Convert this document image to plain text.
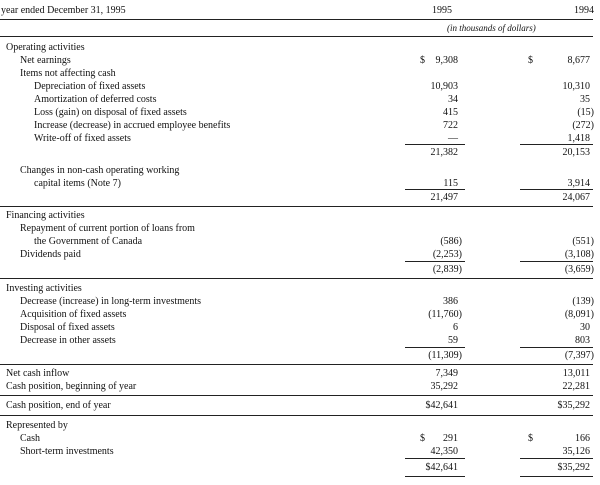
year ended December 31, 1995	1995	1994
(in thousands of dollars)
Operating activities
Net earnings	$ 9,308	$	8,677
Items not affecting cash
Depreciation of fixed assets	10,903	10,310
Amortization of deferred costs	34	35
Loss (gain) on disposal of fixed assets	415	(15)
Increase (decrease) in accrued employee benefits	722	(272)
Write-off of fixed assets	—	1,418
21,382	20,153
Changes in non-cash operating working
capital items (Note 7)	115	3,914
21,497	24,067
Financing activities
Repayment of current portion of loans from
the Government of Canada	(586)	(551)
Dividends paid	(2,253)	(3,108)
(2,839)	(3,659)
Investing activities
Decrease (increase) in long-term investments	386	(139)
Acquisition of fixed assets	(11,760)	(8,091)
Disposal of fixed assets	6	30
Decrease in other assets	59	803
(11,309)	(7,397)
Net cash inflow	7,349	13,011
Cash position, beginning of year	35,292	22,281
Cash position, end of year	$42,641	$35,292
Represented by
Cash	$ 291	$	166
Short-term investments	42,350	35,126
$42,641	$35,292
